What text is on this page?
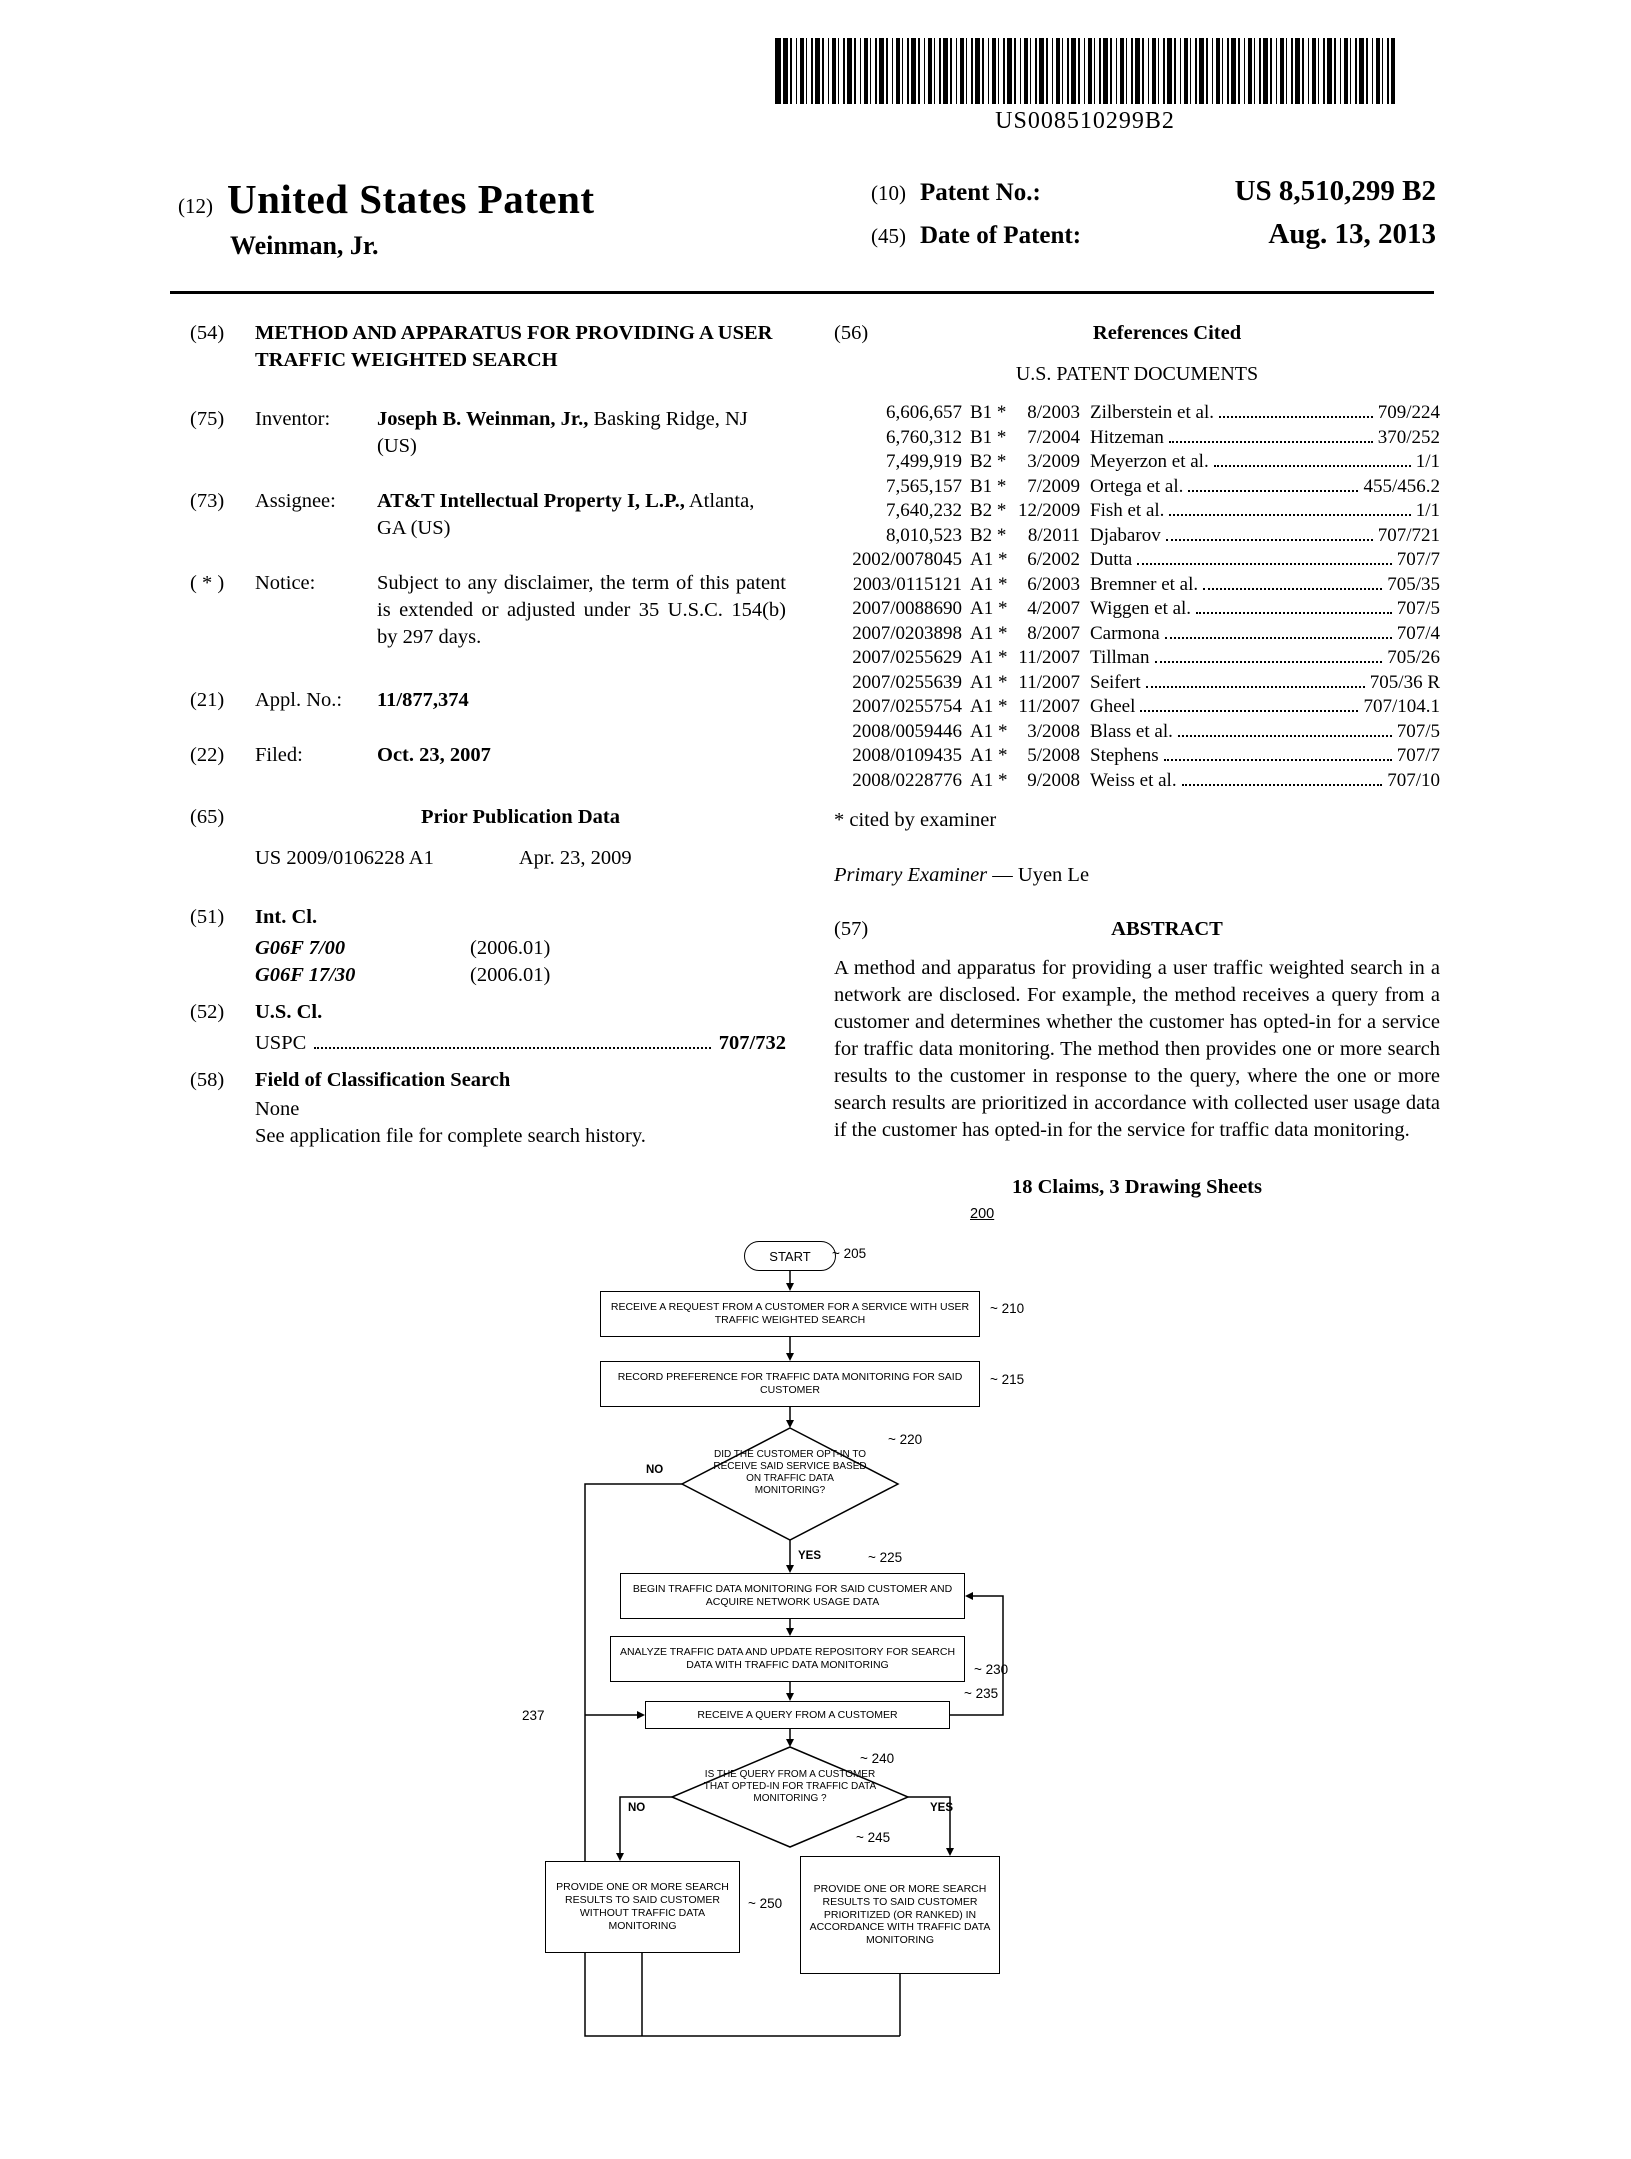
US008510299B2
(12) United States Patent
Weinman, Jr.
(10) Patent No.:	US 8,510,299 B2
(45) Date of Patent:	Aug. 13, 2013
(54)	METHOD AND APPARATUS FOR PROVIDING A USER TRAFFIC WEIGHTED SEARCH
(75)	Inventor:	Joseph B. Weinman, Jr., Basking Ridge, NJ (US)
(73)	Assignee:	AT&T Intellectual Property I, L.P., Atlanta, GA (US)
( * )	Notice:	Subject to any disclaimer, the term of this patent is extended or adjusted under 35 U.S.C. 154(b) by 297 days.
(21)	Appl. No.:	11/877,374
(22)	Filed:	Oct. 23, 2007
(65)	Prior Publication Data
US 2009/0106228 A1	Apr. 23, 2009
(51)	Int. Cl.
G06F 7/00	(2006.01)
G06F 17/30	(2006.01)
(52)	U.S. Cl.
USPC	707/732
(58)	Field of Classification Search
None
See application file for complete search history.
(56)	References Cited
U.S. PATENT DOCUMENTS
6,606,657 B1 *	8/2003 Zilberstein et al.	709/224
6,760,312 B1 *	7/2004 Hitzeman	370/252
7,499,919 B2 *	3/2009 Meyerzon et al.	1/1
7,565,157 B1 *	7/2009 Ortega et al.	455/456.2
7,640,232 B2 * 12/2009 Fish et al.	1/1
8,010,523 B2 *	8/2011 Djabarov	707/721
2002/0078045 A1 *	6/2002 Dutta	707/7
2003/0115121 A1 *	6/2003 Bremner et al.	705/35
2007/0088690 A1 *	4/2007 Wiggen et al.	707/5
2007/0203898 A1 *	8/2007 Carmona	707/4
2007/0255629 A1 * 11/2007 Tillman	705/26
2007/0255639 A1 * 11/2007 Seifert	705/36 R
2007/0255754 A1 * 11/2007 Gheel	707/104.1
2008/0059446 A1 *	3/2008 Blass et al.	707/5
2008/0109435 A1 *	5/2008 Stephens	707/7
2008/0228776 A1 *	9/2008 Weiss et al.	707/10
* cited by examiner
Primary Examiner — Uyen Le
(57)	ABSTRACT
A method and apparatus for providing a user traffic weighted search in a network are disclosed. For example, the method receives a query from a customer and determines whether the customer has opted-in for a service for traffic data monitoring. The method then provides one or more search results to the customer in response to the query, where the one or more search results are prioritized in accordance with collected user usage data if the customer has opted-in for the service for traffic data monitoring.
18 Claims, 3 Drawing Sheets
200
START
RECEIVE A REQUEST FROM A CUSTOMER FOR A SERVICE WITH USER TRAFFIC WEIGHTED SEARCH
RECORD PREFERENCE FOR TRAFFIC DATA MONITORING FOR SAID CUSTOMER
DID THE CUSTOMER OPT-IN TO RECEIVE SAID SERVICE BASED ON TRAFFIC DATA MONITORING?
BEGIN TRAFFIC DATA MONITORING FOR SAID CUSTOMER AND ACQUIRE NETWORK USAGE DATA
ANALYZE TRAFFIC DATA AND UPDATE REPOSITORY FOR SEARCH DATA WITH TRAFFIC DATA MONITORING
RECEIVE A QUERY FROM A CUSTOMER
IS THE QUERY FROM A CUSTOMER THAT OPTED-IN FOR TRAFFIC DATA MONITORING ?
PROVIDE ONE OR MORE SEARCH RESULTS TO SAID CUSTOMER WITHOUT TRAFFIC DATA MONITORING
PROVIDE ONE OR MORE SEARCH RESULTS TO SAID CUSTOMER PRIORITIZED (OR RANKED) IN ACCORDANCE WITH TRAFFIC DATA MONITORING
~ 205
~ 210
~ 215
~ 220
~ 225
~ 230
~ 235
237
~ 240
~ 245
~ 250
NO
YES
NO	YES
